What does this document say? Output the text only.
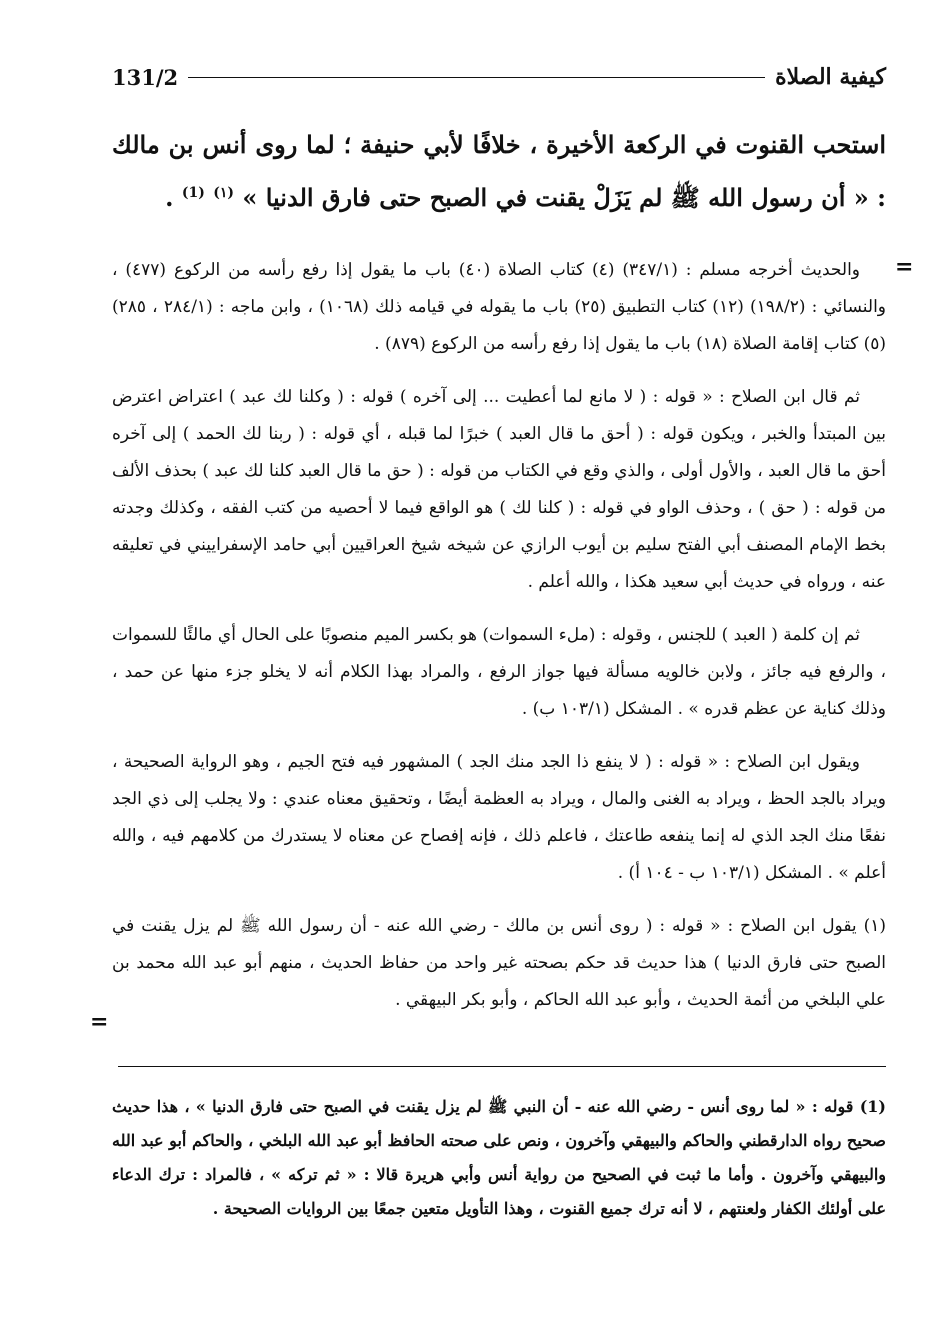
131/2	كيفية الصلاة
استحب القنوت في الركعة الأخيرة ، خلافًا لأبي حنيفة ؛ لما روى أنس بن مالك : « أن رسول الله ﷺ لم يَزَلْ يقنت في الصبح حتى فارق الدنيا » $^{(١)}$ $^{(1)}$ .
=

والحديث أخرجه مسلم : (٣٤٧/١) (٤) كتاب الصلاة (٤٠) باب ما يقول إذا رفع رأسه من الركوع (٤٧٧) ، والنسائي : (١٩٨/٢) (١٢) كتاب التطبيق (٢٥) باب ما يقوله في قيامه ذلك (١٠٦٨) ، وابن ماجه : (٢٨٤/١ ، ٢٨٥) (٥) كتاب إقامة الصلاة (١٨) باب ما يقول إذا رفع رأسه من الركوع (٨٧٩) .

ثم قال ابن الصلاح : « قوله : ( لا مانع لما أعطيت ... إلى آخره ) قوله : ( وكلنا لك عبد ) اعتراض اعترض بين المبتدأ والخبر ، ويكون قوله : ( أحق ما قال العبد ) خبرًا لما قبله ، أي قوله : ( ربنا لك الحمد ) إلى آخره أحق ما قال العبد ، والأول أولى ، والذي وقع في الكتاب من قوله : ( حق ما قال العبد كلنا لك عبد ) بحذف الألف من قوله : ( حق ) ، وحذف الواو في قوله : ( كلنا لك ) هو الواقع فيما لا أحصيه من كتب الفقه ، وكذلك وجدته بخط الإمام المصنف أبي الفتح سليم بن أيوب الرازي عن شيخه شيخ العراقيين أبي حامد الإسفراييني في تعليقه عنه ، ورواه في حديث أبي سعيد هكذا ، والله أعلم .

ثم إن كلمة ( العبد ) للجنس ، وقوله : (ملء السموات) هو بكسر الميم منصوبًا على الحال أي مالئًا للسموات ، والرفع فيه جائز ، ولابن خالويه مسألة فيها جواز الرفع ، والمراد بهذا الكلام أنه لا يخلو جزء منها عن حمد ، وذلك كناية عن عظم قدره » . المشكل (١٠٣/١ ب) .

ويقول ابن الصلاح : « قوله : ( لا ينفع ذا الجد منك الجد ) المشهور فيه فتح الجيم ، وهو الرواية الصحيحة ، ويراد بالجد الحظ ، ويراد به الغنى والمال ، ويراد به العظمة أيضًا ، وتحقيق معناه عندي : ولا يجلب إلى ذي الجد نفعًا منك الجد الذي له إنما ينفعه طاعتك ، فاعلم ذلك ، فإنه إفصاح عن معناه لا يستدرك من كلامهم فيه ، والله أعلم » . المشكل (١٠٣/١ ب - ١٠٤ أ) .

(١) يقول ابن الصلاح : « قوله : ( روى أنس بن مالك - رضي الله عنه - أن رسول الله ﷺ لم يزل يقنت في الصبح حتى فارق الدنيا ) هذا حديث قد حكم بصحته غير واحد من حفاظ الحديث ، منهم أبو عبد الله محمد بن علي البلخي من أئمة الحديث ، وأبو عبد الله الحاكم ، وأبو بكر البيهقي .

=

(1) قوله : « لما روى أنس - رضي الله عنه - أن النبي ﷺ لم يزل يقنت في الصبح حتى فارق الدنيا » ، هذا حديث صحيح رواه الدارقطني والحاكم والبيهقي وآخرون ، ونص على صحته الحافظ أبو عبد الله البلخي ، والحاكم أبو عبد الله والبيهقي وآخرون . وأما ما ثبت في الصحيح من رواية أنس وأبي هريرة قالا : « ثم تركه » ، فالمراد : ترك الدعاء على أولئك الكفار ولعنتهم ، لا أنه ترك جميع القنوت ، وهذا التأويل متعين جمعًا بين الروايات الصحيحة .
